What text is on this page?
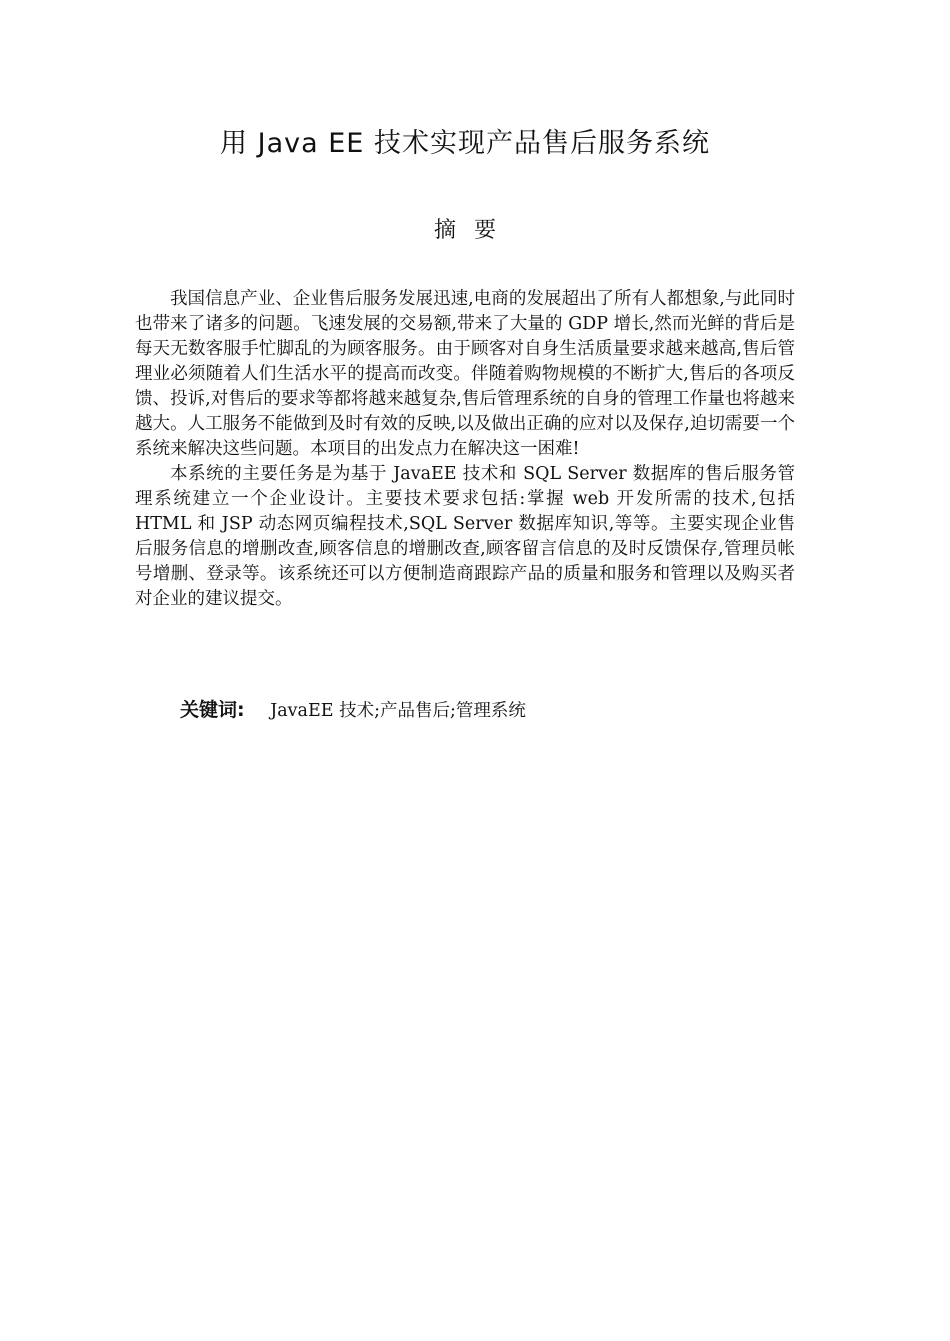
用 Java EE 技术实现产品售后服务系统
摘要

我国信息产业、企业售后服务发展迅速,电商的发展超出了所有人都想象,与此同时也带来了诸多的问题。飞速发展的交易额,带来了大量的 GDP 增长,然而光鲜的背后是每天无数客服手忙脚乱的为顾客服务。由于顾客对自身生活质量要求越来越高,售后管理业必须随着人们生活水平的提高而改变。伴随着购物规模的不断扩大,售后的各项反馈、投诉,对售后的要求等都将越来越复杂,售后管理系统的自身的管理工作量也将越来越大。人工服务不能做到及时有效的反映,以及做出正确的应对以及保存,迫切需要一个系统来解决这些问题。本项目的出发点力在解决这一困难!

本系统的主要任务是为基于 JavaEE 技术和 SQL Server 数据库的售后服务管理系统建立一个企业设计。主要技术要求包括:掌握 web 开发所需的技术,包括 HTML 和 JSP 动态网页编程技术,SQL Server 数据库知识,等等。主要实现企业售后服务信息的增删改查,顾客信息的增删改查,顾客留言信息的及时反馈保存,管理员帐号增删、登录等。该系统还可以方便制造商跟踪产品的质量和服务和管理以及购买者对企业的建议提交。

关键词: JavaEE 技术;产品售后;管理系统
